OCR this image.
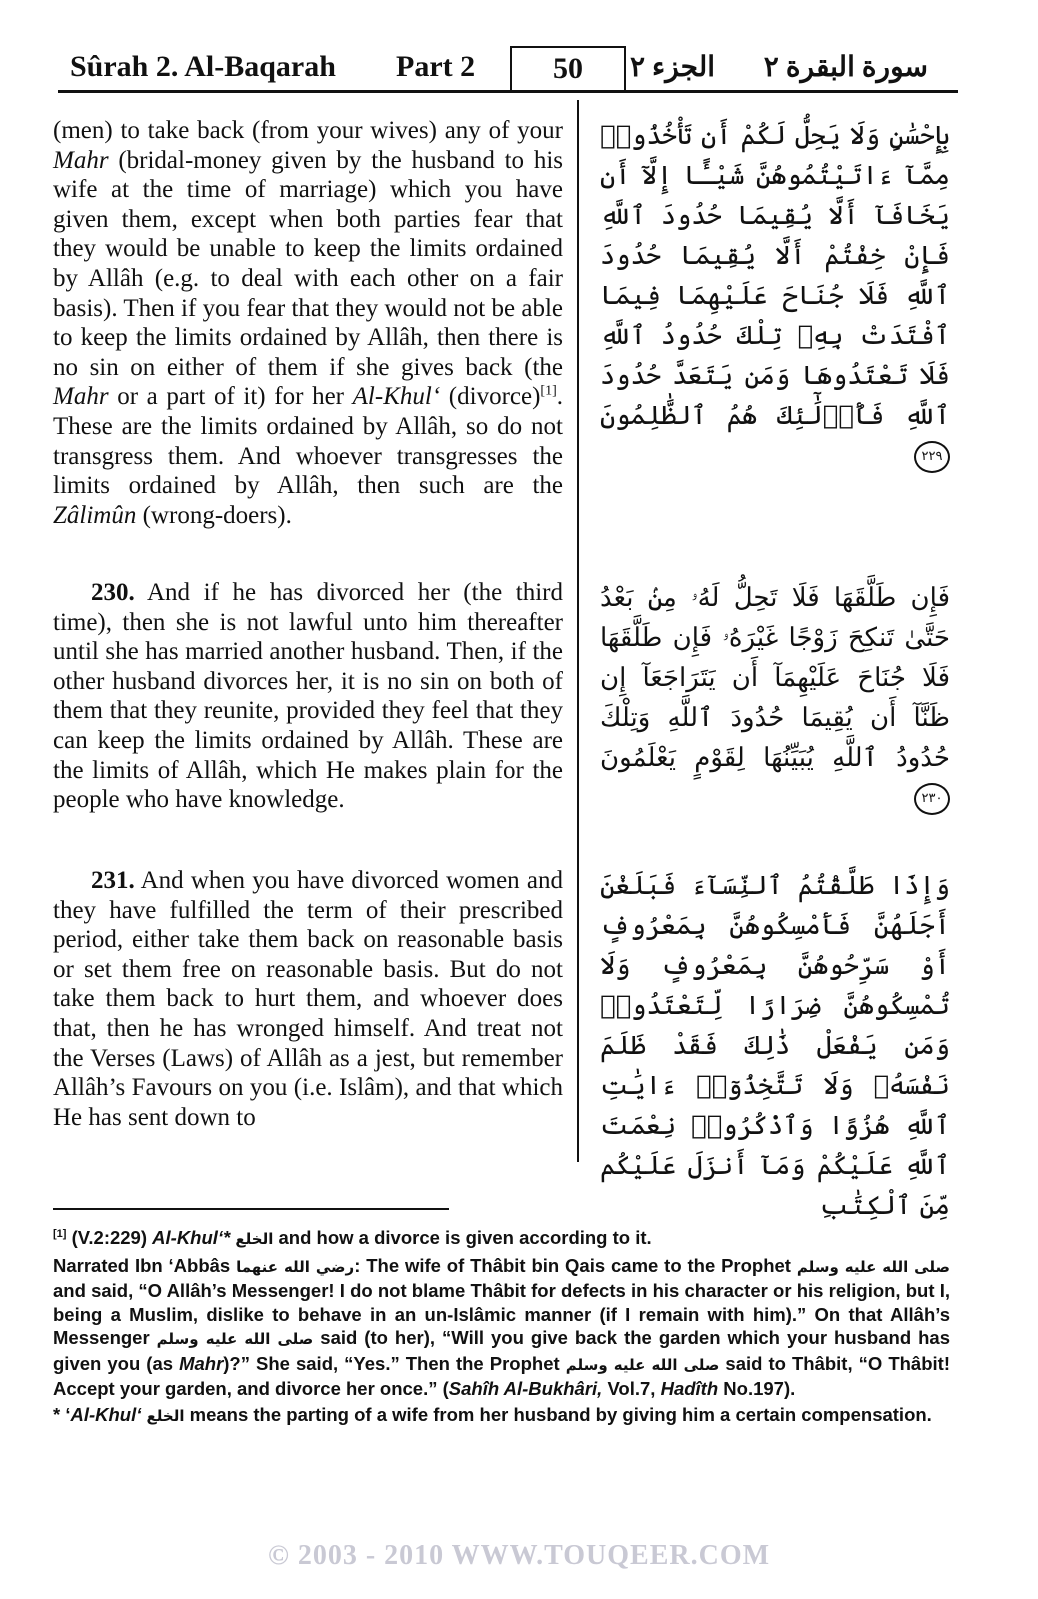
Sûrah 2. Al-Baqarah Part 2	50	الجزء ٢	سورة البقرة ٢

(men) to take back (from your wives) any of your Mahr (bridal-money given by the husband to his wife at the time of marriage) which you have given them, except when both parties fear that they would be unable to keep the limits ordained by Allâh (e.g. to deal with each other on a fair basis). Then if you fear that they would not be able to keep the limits ordained by Allâh, then there is no sin on either of them if she gives back (the Mahr or a part of it) for her Al-Khul‘ (divorce)[1]. These are the limits ordained by Allâh, so do not transgress them. And whoever transgresses the limits ordained by Allâh, then such are the Zâlimûn (wrong-doers).

230. And if he has divorced her (the third time), then she is not lawful unto him thereafter until she has married another husband. Then, if the other husband divorces her, it is no sin on both of them that they reunite, provided they feel that they can keep the limits ordained by Allâh. These are the limits of Allâh, which He makes plain for the people who have knowledge.

231. And when you have divorced women and they have fulfilled the term of their prescribed period, either take them back on reasonable basis or set them free on reasonable basis. But do not take them back to hurt them, and whoever does that, then he has wronged himself. And treat not the Verses (Laws) of Allâh as a jest, but remember Allâh’s Favours on you (i.e. Islâm), and that which He has sent down to

بِإِحْسَٰنٍ وَلَا يَحِلُّ لَكُمْ أَن تَأْخُذُوا۟ مِمَّآ ءَاتَيْتُمُوهُنَّ شَيْـًٔا إِلَّآ أَن يَخَافَآ أَلَّا يُقِيمَا حُدُودَ ٱللَّهِ فَإِنْ خِفْتُمْ أَلَّا يُقِيمَا حُدُودَ ٱللَّهِ فَلَا جُنَاحَ عَلَيْهِمَا فِيمَا ٱفْتَدَتْ بِهِۦ تِلْكَ حُدُودُ ٱللَّهِ فَلَا تَعْتَدُوهَا وَمَن يَتَعَدَّ حُدُودَ ٱللَّهِ فَأُو۟لَٰٓئِكَ هُمُ ٱلظَّٰلِمُونَ ٢٢٩

فَإِن طَلَّقَهَا فَلَا تَحِلُّ لَهُۥ مِنۢ بَعْدُ حَتَّىٰ تَنكِحَ زَوْجًا غَيْرَهُۥ فَإِن طَلَّقَهَا فَلَا جُنَاحَ عَلَيْهِمَآ أَن يَتَرَاجَعَآ إِن ظَنَّآ أَن يُقِيمَا حُدُودَ ٱللَّهِ وَتِلْكَ حُدُودُ ٱللَّهِ يُبَيِّنُهَا لِقَوْمٍ يَعْلَمُونَ ٢٣٠

وَإِذَا طَلَّقْتُمُ ٱلنِّسَآءَ فَبَلَغْنَ أَجَلَهُنَّ فَأَمْسِكُوهُنَّ بِمَعْرُوفٍ أَوْ سَرِّحُوهُنَّ بِمَعْرُوفٍ وَلَا تُمْسِكُوهُنَّ ضِرَارًا لِّتَعْتَدُوا۟ وَمَن يَفْعَلْ ذَٰلِكَ فَقَدْ ظَلَمَ نَفْسَهُۥ وَلَا تَتَّخِذُوٓا۟ ءَايَٰتِ ٱللَّهِ هُزُوًا وَٱذْكُرُوا۟ نِعْمَتَ ٱللَّهِ عَلَيْكُمْ وَمَآ أَنزَلَ عَلَيْكُم مِّنَ ٱلْكِتَٰبِ

[1] (V.2:229) Al-Khul‘* الخلع and how a divorce is given according to it.

Narrated Ibn ‘Abbâs رضي الله عنهما: The wife of Thâbit bin Qais came to the Prophet صلى الله عليه وسلم and said, “O Allâh’s Messenger! I do not blame Thâbit for defects in his character or his religion, but I, being a Muslim, dislike to behave in an un-Islâmic manner (if I remain with him).” On that Allâh’s Messenger صلى الله عليه وسلم said (to her), “Will you give back the garden which your husband has given you (as Mahr)?” She said, “Yes.” Then the Prophet صلى الله عليه وسلم said to Thâbit, “O Thâbit! Accept your garden, and divorce her once.” (Sahîh Al-Bukhâri, Vol.7, Hadîth No.197).

* ‘Al-Khul‘ الخلع means the parting of a wife from her husband by giving him a certain compensation.

© 2003 - 2010 WWW.TOUQEER.COM
